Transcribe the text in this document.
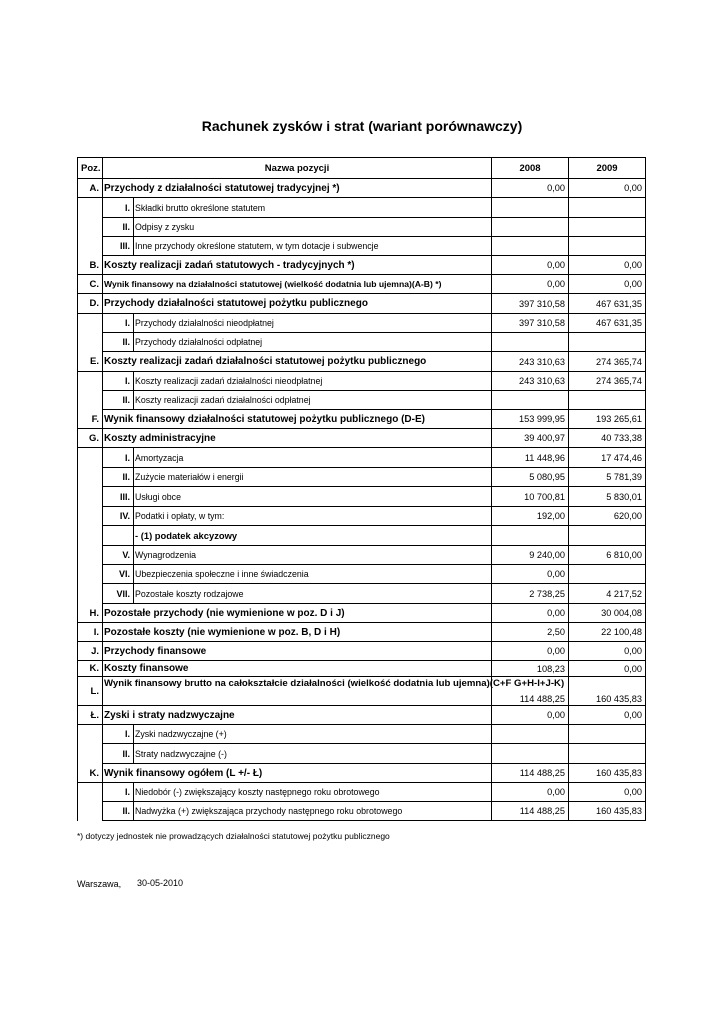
Rachunek zysków i strat (wariant porównawczy)
Poz.	Nazwa pozycji		2008	2009
A.	Przychody z działalności statutowej tradycyjnej *)		0,00	0,00
	I.	Składki brutto określone statutem		
	II.	Odpisy z zysku		
	III.	Inne przychody określone statutem, w tym dotacje i subwencje		
B.	Koszty realizacji zadań statutowych - tradycyjnych *)		0,00	0,00
C.	Wynik finansowy na działalności statutowej (wielkość dodatnia lub ujemna)(A-B) *)		0,00	0,00
D.	Przychody działalności statutowej pożytku publicznego		397 310,58	467 631,35
	I.	Przychody działalności nieodpłatnej	397 310,58	467 631,35
	II.	Przychody działalności odpłatnej		
E.	Koszty realizacji zadań działalności statutowej pożytku publicznego		243 310,63	274 365,74
	I.	Koszty realizacji zadań działalności nieodpłatnej	243 310,63	274 365,74
	II.	Koszty realizacji zadań działalności odpłatnej		
F.	Wynik finansowy działalności statutowej pożytku publicznego (D-E)		153 999,95	193 265,61
G.	Koszty administracyjne		39 400,97	40 733,38
	I.	Amortyzacja	11 448,96	17 474,46
	II.	Zużycie materiałów i energii	5 080,95	5 781,39
	III.	Usługi obce	10 700,81	5 830,01
	IV.	Podatki i opłaty, w tym:	192,00	620,00
		- (1) podatek akcyzowy		
	V.	Wynagrodzenia	9 240,00	6 810,00
	VI.	Ubezpieczenia społeczne i inne świadczenia	0,00	
	VII.	Pozostałe koszty rodzajowe	2 738,25	4 217,52
H.	Pozostałe przychody (nie wymienione w poz. D i J)		0,00	30 004,08
I.	Pozostałe koszty (nie wymienione w poz. B, D i H)		2,50	22 100,48
J.	Przychody finansowe		0,00	0,00
K.	Koszty finansowe		108,23	0,00
L.	Wynik finansowy brutto na całokształcie działalności (wielkość dodatnia lub ujemna)(C+F G+H-I+J-K)		114 488,25	160 435,83
Ł.	Zyski i straty nadzwyczajne		0,00	0,00
	I.	Zyski nadzwyczajne (+)		
	II.	Straty nadzwyczajne (-)		
K.	Wynik finansowy ogółem (L +/- Ł)		114 488,25	160 435,83
	I.	Niedobór (-) zwiększający koszty następnego roku obrotowego	0,00	0,00
	II.	Nadwyżka (+) zwiększająca przychody następnego roku obrotowego	114 488,25	160 435,83
*) dotyczy jednostek nie prowadzących działalności statutowej pożytku publicznego
Warszawa, 30-05-2010
